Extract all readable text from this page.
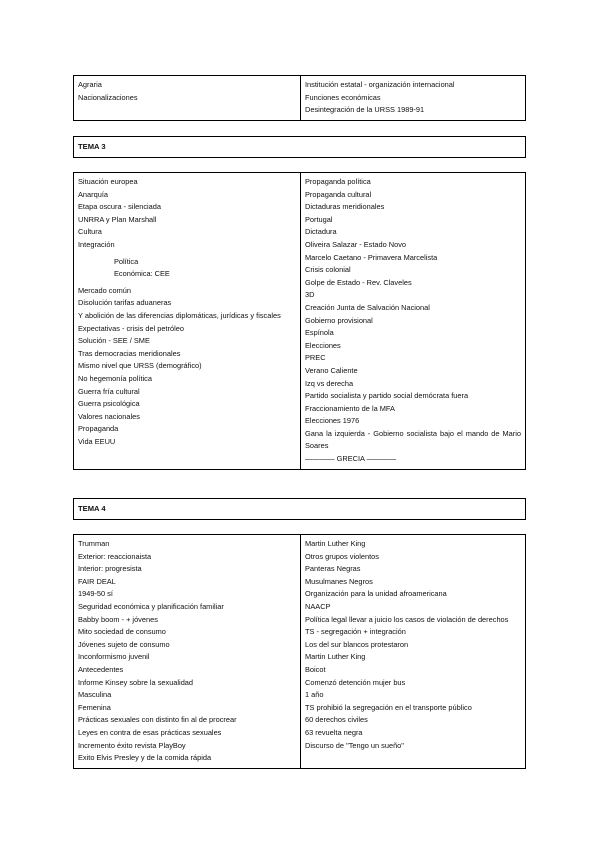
Agraria
Nacionalizaciones
Institución estatal - organización internacional
Funciones económicas
Desintegración de la URSS 1989-91
TEMA 3
Situación europea
Anarquía
Etapa oscura - silenciada
UNRRA y Plan Marshall
Cultura
Integración
● Política
● Económica: CEE
Mercado común
Disolución tarifas aduaneras
Y abolición de las diferencias diplomáticas, jurídicas y fiscales
Expectativas - crisis del petróleo
Solución - SEE / SME
Tras democracias meridionales
Mismo nivel que URSS (demográfico)
No hegemonía política
Guerra fría cultural
Guerra psicológica
Valores nacionales
Propaganda
Vida EEUU
Propaganda política
Propaganda cultural
Dictaduras meridionales
Portugal
Dictadura
Oliveira Salazar - Estado Novo
Marcelo Caetano - Primavera Marcelista
Crisis colonial
Golpe de Estado - Rev. Claveles
3D
Creación Junta de Salvación Nacional
Gobierno provisional
Espínola
Elecciones
PREC
Verano Caliente
Izq vs derecha
Partido socialista y partido social demócrata fuera
Fraccionamiento de la MFA
Elecciones 1976
Gana la izquierda - Gobierno socialista bajo el mando de Mario Soares
———— GRECIA ————
TEMA 4
Trumman
Exterior: reaccionaista
Interior: progresista
FAIR DEAL
1949-50 sí
Seguridad económica y planificación familiar
Babby boom - + jóvenes
Mito sociedad de consumo
Jóvenes sujeto de consumo
Inconformismo juvenil
Antecedentes
Informe Kinsey sobre la sexualidad
Masculina
Femenina
Prácticas sexuales con distinto fin al de procrear
Leyes en contra de esas prácticas sexuales
Incremento éxito revista PlayBoy
Exito Elvis Presley y de la comida rápida
Martin Luther King
Otros grupos violentos
Panteras Negras
Musulmanes Negros
Organización para la unidad afroamericana
NAACP
Política legal llevar a juicio los casos de violación de derechos
TS - segregación + integración
Los del sur blancos protestaron
Martin Luther King
Boicot
Comenzó detención mujer bus
1 año
TS prohibió la segregación en el transporte público
60 derechos civiles
63 revuelta negra
Discurso de "Tengo un sueño"
